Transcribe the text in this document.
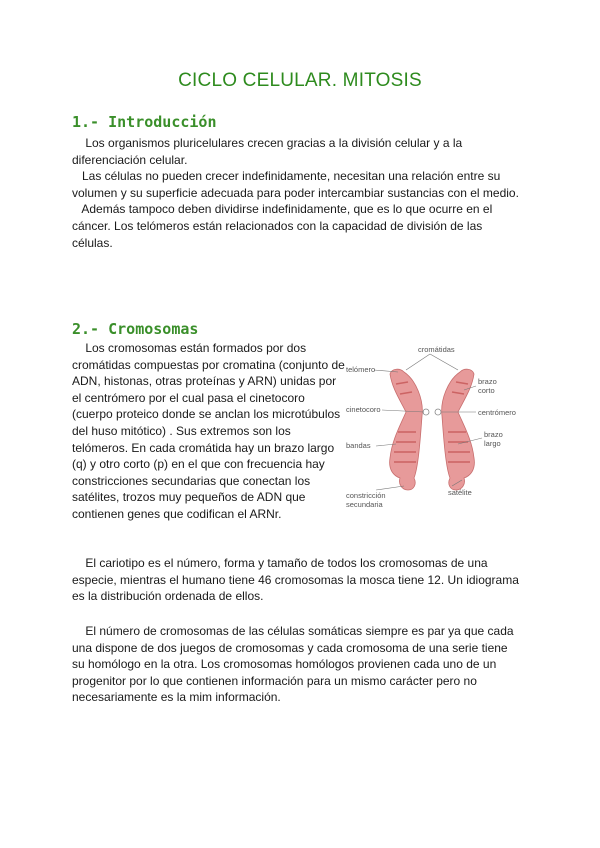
CICLO CELULAR. MITOSIS
1.- Introducción
Los organismos pluricelulares crecen gracias a la división celular y a la
diferenciación celular.
Las células no pueden crecer indefinidamente, necesitan una relación entre su
volumen y su superficie adecuada para poder intercambiar sustancias con el medio.
Además tampoco deben dividirse indefinidamente, que es lo que ocurre en el
cáncer. Los telómeros están relacionados con la capacidad de división de las
células.
2.- Cromosomas
Los cromosomas están formados por dos
cromátidas compuestas por cromatina (conjunto de
ADN, histonas, otras proteínas y ARN) unidas por
el centrómero por el cual pasa el cinetocoro
(cuerpo proteico donde se anclan los microtúbulos
del huso mitótico) . Sus extremos son los
telómeros. En cada cromátida hay un brazo largo
(q) y otro corto (p) en el que con frecuencia hay
constricciones secundarias que conectan los
satélites, trozos muy pequeños de ADN que
contienen genes que codifican el ARNr.
cromátidas
telómero
brazo
corto
cinetocoro	centrómero
brazo
largo
bandas
satélite
constricción
secundaria
El cariotipo es el número, forma y tamaño de todos los cromosomas de una
especie, mientras el humano tiene 46 cromosomas la mosca tiene 12. Un idiograma
es la distribución ordenada de ellos.
El número de cromosomas de las células somáticas siempre es par ya que cada
una dispone de dos juegos de cromosomas y cada cromosoma de una serie tiene
su homólogo en la otra. Los cromosomas homólogos provienen cada uno de un
progenitor por lo que contienen información para un mismo carácter pero no
necesariamente es la mim información.
